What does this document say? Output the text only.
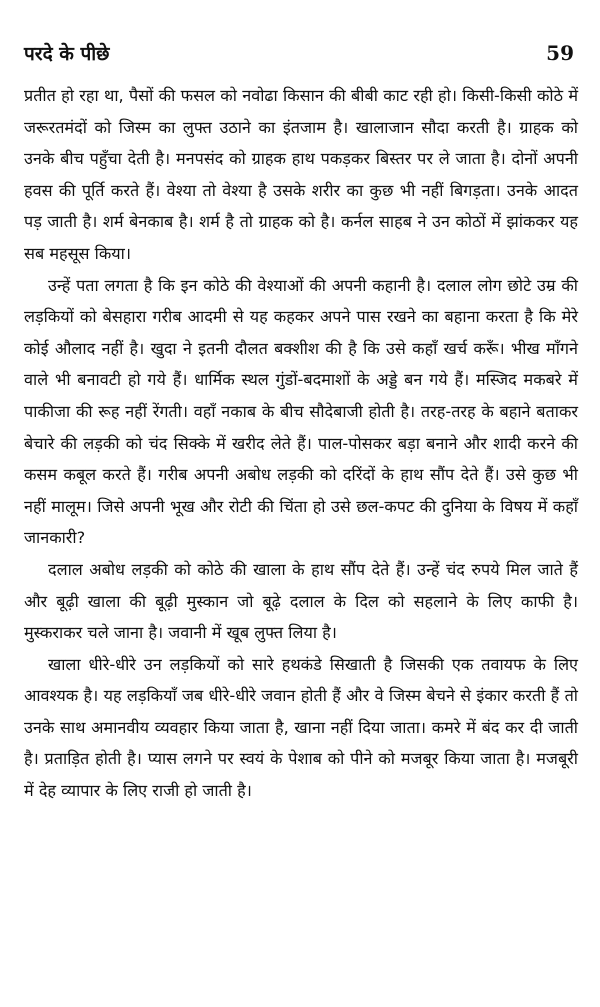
परदे के पीछे	59

प्रतीत हो रहा था, पैसों की फसल को नवोढा किसान की बीबी काट रही हो। किसी-किसी कोठे में जरूरतमंदों को जिस्म का लुफ्त उठाने का इंतजाम है। खालाजान सौदा करती है। ग्राहक को उनके बीच पहुँचा देती है। मनपसंद को ग्राहक हाथ पकड़कर बिस्तर पर ले जाता है। दोनों अपनी हवस की पूर्ति करते हैं। वेश्या तो वेश्या है उसके शरीर का कुछ भी नहीं बिगड़ता। उनके आदत पड़ जाती है। शर्म बेनकाब है। शर्म है तो ग्राहक को है। कर्नल साहब ने उन कोठों में झांककर यह सब महसूस किया।

उन्हें पता लगता है कि इन कोठे की वेश्याओं की अपनी कहानी है। दलाल लोग छोटे उम्र की लड़कियों को बेसहारा गरीब आदमी से यह कहकर अपने पास रखने का बहाना करता है कि मेरे कोई औलाद नहीं है। खुदा ने इतनी दौलत बक्शीश की है कि उसे कहाँ खर्च करूँ। भीख माँगने वाले भी बनावटी हो गये हैं। धार्मिक स्थल गुंडों-बदमाशों के अड्डे बन गये हैं। मस्जिद मकबरे में पाकीजा की रूह नहीं रेंगती। वहाँ नकाब के बीच सौदेबाजी होती है। तरह-तरह के बहाने बताकर बेचारे की लड़की को चंद सिक्के में खरीद लेते हैं। पाल-पोसकर बड़ा बनाने और शादी करने की कसम कबूल करते हैं। गरीब अपनी अबोध लड़की को दरिंदों के हाथ सौंप देते हैं। उसे कुछ भी नहीं मालूम। जिसे अपनी भूख और रोटी की चिंता हो उसे छल-कपट की दुनिया के विषय में कहाँ जानकारी?

दलाल अबोध लड़की को कोठे की खाला के हाथ सौंप देते हैं। उन्हें चंद रुपये मिल जाते हैं और बूढ़ी खाला की बूढ़ी मुस्कान जो बूढ़े दलाल के दिल को सहलाने के लिए काफी है। मुस्कराकर चले जाना है। जवानी में खूब लुफ्त लिया है।

खाला धीरे-धीरे उन लड़कियों को सारे हथकंडे सिखाती है जिसकी एक तवायफ के लिए आवश्यक है। यह लड़कियाँ जब धीरे-धीरे जवान होती हैं और वे जिस्म बेचने से इंकार करती हैं तो उनके साथ अमानवीय व्यवहार किया जाता है, खाना नहीं दिया जाता। कमरे में बंद कर दी जाती है। प्रताड़ित होती है। प्यास लगने पर स्वयं के पेशाब को पीने को मजबूर किया जाता है। मजबूरी में देह व्यापार के लिए राजी हो जाती है।
